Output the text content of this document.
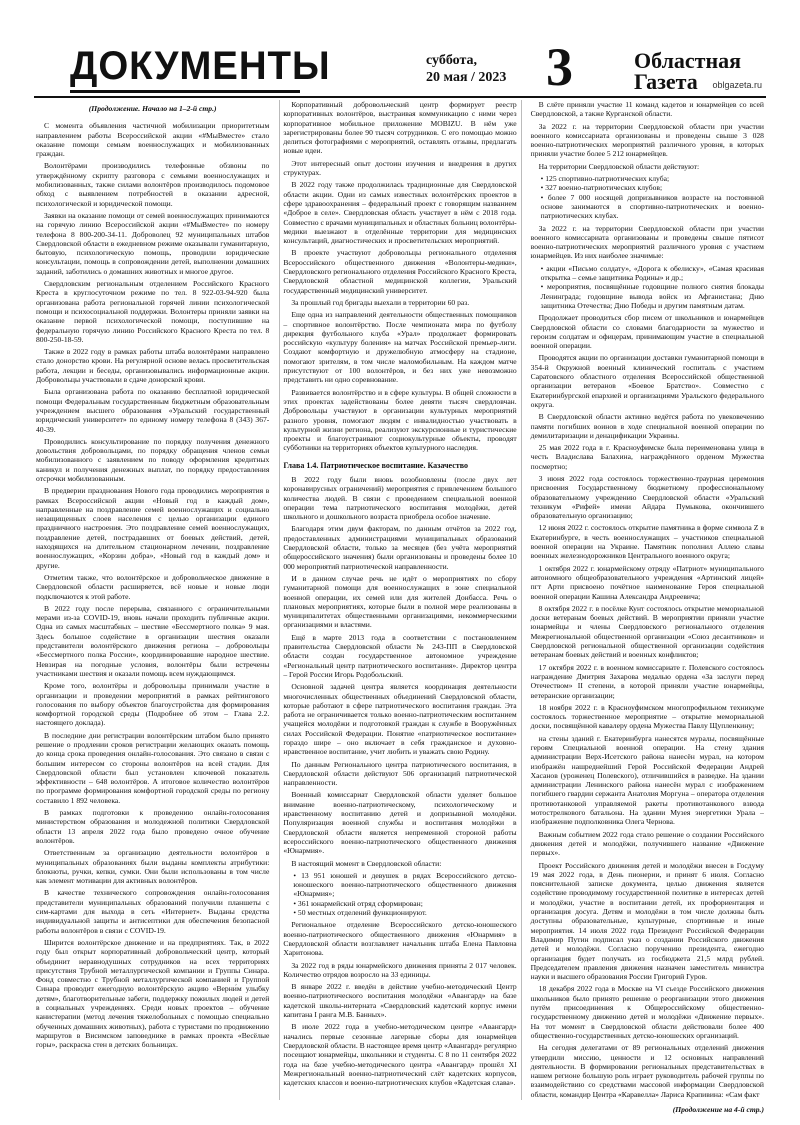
ДОКУМЕНТЫ	суббота,
20 мая / 2023 3	Областная
Газета	oblgazeta.ru

(Продолжение. Начало на 1–2-й стр.)

С момента объявления частичной мобилизации приоритетным направлением работы Всероссийской акции «#МыВместе» стало оказание помощи семьям военнослужащих и мобилизованных граждан.

Волонтёрами производились телефонные обзвоны по утверждённому скрипту разговора с семьями военнослужащих и мобилизованных, также силами волонтёров производилось подомовое обход с выявлением потребностей в оказании адресной, психологической и юридической помощи.

Заявки на оказание помощи от семей военнослужащих принимаются на горячую линию Всероссийской акции «#МыВместе» по номеру телефона 8 800-200-34-11. Доброволец 92 муниципальных штабов Свердловской области в ежедневном режиме оказывали гуманитарную, бытовую, психологическую помощь, проводили юридические консультации, помощь в сопровождении детей, выполнении домашних заданий, заботились о домашних животных и многое другое.

Свердловским региональным отделением Российского Красного Креста в круглосуточном режиме по тел. 8 922-03-94-920 была организована работа региональной горячей линии психологической помощи и психосоциальной поддержки. Волонтеры приняли заявки на оказание первой психологической помощи, поступившие на федеральную горячую линию Российского Красного Креста по тел. 8 800-250-18-59.

Также в 2022 году в рамках работы штаба волонтёрами направлено стало донорство крови. На регулярной основе велась просветительская работа, лекции и беседы, организовывались информационные акции. Добровольцы участвовали в сдаче донорской крови.

Была организована работа по оказанию бесплатной юридической помощи Федеральным государственным бюджетным образовательным учреждением высшего образования «Уральский государственный юридический университет» по единому номеру телефона 8 (343) 367-40-39.

Проводились консультирование по порядку получения денежного довольствия добровольцами, по порядку обращения членов семьи мобилизованного с заявлением по поводу оформления кредитных каникул и получения денежных выплат, по порядку предоставления отсрочки мобилизованным.

В предверии празднования Нового года проводились мероприятия в рамках Всероссийской акции «Новый год в каждый дом», направленные на поздравление семей военнослужащих и социально незащищенных слоев населения с целью организации единого праздничного настроения. Это поздравление семей военнослужащих, поздравление детей, пострадавших от боевых действий, детей, находящихся на длительном стационарном лечении, поздравление военнослужащих, «Корзин добра», «Новый год в каждый дом» и другие.

Отметим также, что волонтёрское и добровольческое движение в Свердловской области расширяется, всё новые и новые люди подключаются к этой работе.

В 2022 году после перерыва, связанного с ограничительными мерами из-за COVID-19, вновь начали проходить публичные акции. Одна из самых масштабных – шествие «Бессмертного полка» 9 мая. Здесь большое содействие в организации шествия оказали представители волонтёрского движения региона – добровольцы «Бессмертного полка России», координировавшие народное шествие. Невзирая на погодные условия, волонтёры были встречены участниками шествия и оказали помощь всем нуждающимся.

Кроме того, волонтёры и добровольцы принимали участие в организации и проведении мероприятий в рамках рейтингового голосования по выбору объектов благоустройства для формирования комфортной городской среды (Подробнее об этом – Глава 2.2. настоящего доклада).

В последние дни регистрации волонтёрским штабом было принято решение о продлении сроков регистрации желающих оказать помощь до конца срока проведения онлайн-голосования. Это связано в связи с большим интересом со стороны волонтёров на всей стадии. Для Свердловской области был установлен ключевой показатель эффективности – 648 волонтёров. А итоговое количество волонтёров по программе формирования комфортной городской среды по региону составило 1 892 человека.

В рамках подготовки к проведению онлайн-голосования министерством образования и молодежной политики Свердловской области 13 апреля 2022 года было проведено очное обучение волонтёров.

Ответственным за организацию деятельности волонтёров в муниципальных образованиях были выданы комплекты атрибутики: блокноты, ручки, кепки, сумки. Они были использованы в том числе как элемент мотивации для активных волонтёров.

В качестве технического сопровождения онлайн-голосования представители муниципальных образований получили планшеты с сим-картами для выхода в сеть «Интернет». Выданы средства индивидуальной защиты и антисептики для обеспечения безопасной работы волонтёров в связи с COVID-19.

Ширится волонтёрское движение и на предприятиях. Так, в 2022 году был открыт корпоративный добровольческий центр, который объединит неравнодушных сотрудников на всех территориях присутствия Трубной металлургической компании и Группы Синара. Фонд совместно с Трубной металлургической компанией и Группой Синара проводит ежегодную волонтёрскую акцию «Верни́м улыбку детям», благотворительные забеги, поддержку пожилых людей и детей в социальных учреждениях. Среди новых проектов – обучение канистерапии (метод лечения тяжелобольных с помощью специально обученных домашних животных), работа с туристами по продвижению маршрутов в Висимском заповеднике в рамках проекта «Весёлые горы», раскраска стен в детских больницах.

Корпоративный добровольческий центр формирует реестр корпоративных волонтёров, выстраивая коммуникацию с ними через корпоративное мобильное приложение MOBIZU. В нём уже зарегистрированы более 90 тысяч сотрудников. С его помощью можно делиться фотографиями с мероприятий, оставлять отзывы, предлагать новые идеи.

Этот интересный опыт достоин изучения и внедрения в других структурах.

В 2022 году также продолжилась традиционные для Свердловской области акции. Одни из самых известных волонтёрских проектов в сфере здравоохранения – федеральный проект с говорящим названием «Доброе в селе». Свердловская область участвует в нём с 2018 года. Совместно с врачами муниципальных и областных больниц волонтёры-медики выезжают в отделённые территории для медицинских консультаций, диагностических и просветительских мероприятий.

В проекте участвуют добровольцы регионального отделения Всероссийского общественного движения «Волонтеры-медики», Свердловского регионального отделения Российского Красного Креста, Свердловской областной медицинской коллегии, Уральский государственный медицинский университет.

За прошлый год бригады выехали в территории 60 раз.

Еще одна из направлений деятельности общественных помощников – спортивное волонтёрство. После чемпионата мира по футболу дирекция футбольного клуба «Урал» продолжает формировать российскую «культуру боления» на матчах Российской премьер-лиги. Создают комфортную и дружелюбную атмосферу на стадионе, помогают зрителям, в том числе маломобильным. На каждом матче присутствуют от 100 волонтёров, и без них уже невозможно представить ни одно соревнование.

Развивается волонтёрство и в сфере культуры. В общей сложности в этих проектах задействованы более девяти тысяч свердловчан. Добровольцы участвуют в организации культурных мероприятий разного уровня, помогают людям с инвалидностью участвовать в культурной жизни региона, реализуют экскурсионные и туристические проекты и благоустраивают социокультурные объекты, проводят субботники на территориях объектов культурного наследия.

Глава 1.4. Патриотическое воспитание. Казачество

В 2022 году были вновь возобновлены (после двух лет коронавирусных ограничений) мероприятия с привлечением большого количества людей. В связи с проведением специальной военной операции тема патриотического воспитания молодёжи, детей школьного и дошкольного возраста приобрела особое значение.

Благодаря этим двум факторам, по данным отчётов за 2022 год, предоставленных администрациями муниципальных образований Свердловской области, только за месяцев (без учёта мероприятий общероссийского значения) были организованы и проведены более 10 000 мероприятий патриотической направленности.

И в данном случае речь не идёт о мероприятиях по сбору гуманитарной помощи для военнослужащих в зоне специальной военной операции, их семей или для жителей Донбасса. Речь о плановых мероприятиях, которые были в полной мере реализованы в муниципалитетах общественными организациями, некоммерческими организациями и властями.

Ещё в марте 2013 года в соответствии с постановлением правительства Свердловской области № 243-ПП в Свердловской области создан государственное автономное учреждение «Региональный центр патриотического воспитания». Директор центра – Герой России Игорь Родобольский.

Основной задачей центра является координация деятельности многочисленных общественных объединений Свердловской области, которые работают в сфере патриотического воспитания граждан. Эта работа не ограничивается только военно-патриотическим воспитанием учащейся молодёжи и подготовкой граждан к службе в Вооружённых силах Российской Федерации. Понятие «патриотическое воспитание» гораздо шире – оно включает в себя гражданское и духовно-нравственное воспитание, учит любить и уважать свою Родину.

По данным Регионального центра патриотического воспитания, в Свердловской области действуют 506 организаций патриотической направленности.

Военный комиссариат Свердловской области уделяет большое внимание военно-патриотическому, психологическому и нравственному воспитанию детей и допризывной молодёжи. Популяризация военной службы и воспитания молодёжи в Свердловской области является непременной стороной работы всероссийского военно-патриотического общественного движения «Юнармия».

В настоящий момент в Свердловской области:

• 13 951 юношей и девушек в рядах Всероссийского детско-юношеского военно-патриотического общественного движения «Юнармия»;
• 361 юнармейский отряд сформирован;
• 50 местных отделений функционируют.

Региональное отделение Всероссийского детско-юношеского военно-патриотического общественного движения «Юнармия» в Свердловской области возглавляет начальник штаба Елена Павловна Харитонова.

За 2022 год в ряды юнармейского движения приняты 2 017 человек. Количество отрядов возросло на 33 единицы.

В январе 2022 г. введён в действие учебно-методический Центр военно-патриотического воспитания молодёжи «Авангард» на базе кадетской школы-интерната «Свердловский кадетский корпус имени капитана I ранга М.В. Банных».

В июле 2022 года в учебно-методическом центре «Авангард» начались первые сезонные лагерные сборы для юнармейцев Свердловской области. В настоящее время центр «Авангард» регулярно посещают юнармейцы, школьники и студенты. С 8 по 11 сентября 2022 года на базе учебно-методического центра «Авангард» прошёл XI Межрегиональный военно-патриотический слёт кадетских корпусов, кадетских классов и военно-патриотических клубов «Кадетская слава».

В слёте приняли участие 11 команд кадетов и юнармейцев со всей Свердловской, а также Курганской области.

За 2022 г. на территории Свердловской области при участии военного комиссариата организованы и проведены свыше 3 028 военно-патриотических мероприятий различного уровня, в которых приняли участие более 5 212 юнармейцев.

На территории Свердловской области действуют:

• 125 спортивно-патриотических клуба;
• 327 военно-патриотических клубов;
• более 7 000 носящей допризывников возрасте на постоянной основе занимаются в спортивно-патриотических и военно-патриотических клубах.

За 2022 г. на территории Свердловской области при участии военного комиссариата организованы и проведены свыше пятисот военно-патриотических мероприятий различного уровня с участием юнармейцев. Из них наиболее значимые:

• акции «Письмо солдату», «Дорога к обелиску», «Самая красивая открытка – семье защитника Родины» и др.;
• мероприятия, посвящённые годовщине полного снятия блокады Ленинграда; годовщине вывода войск из Афганистана; Дню защитника Отечества; Дню Победы и другим памятным датам.

Продолжает проводиться сбор писем от школьников и юнармейцев Свердловской области со словами благодарности за мужество и героизм солдатам и офицерам, принимающим участие в специальной военной операции.

Проводятся акции по организации доставки гуманитарной помощи в 354-й Окружной военный клинический госпиталь с участием Саратовского областного отделения Всероссийской общественной организации ветеранов «Боевое Братство». Совместно с Екатеринбургской епархией и организациями Уральского федерального округа.

В Свердловской области активно ведётся работа по увековечению памяти погибших воинов в ходе специальной военной операции по демилитаризации и денацификации Украины.

25 мая 2022 года в г. Красноуфимске была переименована улица в честь Владислава Балахина, награждённого орденом Мужества посмертно;

3 июня 2022 года состоялось торжественно-траурная церемония присвоения Государственному бюджетному профессиональному образовательному учреждению Свердловской области «Уральский техникум «Рифей» имени Айдара Пумыкова, окончившего образовательную организацию;

12 июня 2022 г. состоялось открытие памятника в форме символа Z в Екатеринбурге, в честь военнослужащих – участников специальной военной операции на Украине. Памятник пополнил Аллею славы военных железнодорожников Центрального военного округа;

1 октября 2022 г. юнармейскому отряду «Патриот» муниципального автономного общеобразовательного учреждения «Артинский лицей» пгт Арти присвоено почётное наименование Героя специальной военной операции Кашина Александра Андреевича;

8 октября 2022 г. в посёлке Кунт состоялось открытие мемориальной доски ветеранам боевых действий. В мероприятии приняли участие юнармейцы и члены Свердловского регионального отделения Межрегиональной общественной организации «Союз десантников» и Свердловской региональной общественной организации содействия ветеранам боевых действий и военных конфликтов;

17 октября 2022 г. в военном комиссариате г. Полевского состоялось награждение Дмитрия Захарова медалью ордена «За заслуги перед Отечеством» II степени, в которой приняли участие юнармейцы, ветеранские организации;

18 ноября 2022 г. в Красноуфимском многопрофильном техникуме состоялось торжественное мероприятие – открытие мемориальной доски, посвящённой кавалеру ордена Мужества Павлу Щупленкину;

на стены зданий г. Екатеринбурга нанесятся муралы, посвящённые героям Специальной военной операции. На стену здания администрации Верх-Исетского района нанесён мурал, на котором изображён нашреднейший Герой Российской Федерации Андрей Хасанов (уроженец Полевского), отличившийся в разведке. На здании администрации Ленинского района нанесён мурал с изображением погибшего гвардии сержанта Анатолия Моргуна – оператора отделения противотанковой управляемой ракеты противотанкового взвода мотострелкового батальона. На здании Музея энергетики Урала – изображение подполковника Олега Чернова.

Важным событием 2022 года стало решение о создании Российского движения детей и молодёжи, получившего название «Движение первых».

Проект Российского движения детей и молодёжи внесен в Госдуму 19 мая 2022 года, в День пионерии, и принят 6 июля. Согласно пояснительной записке документа, целью движения является содействие проводимому государственной политике в интересах детей и молодёжи, участие в воспитании детей, их профориентация и организация досуга. Детям и молодёжи в том числе должны быть доступны образовательные, культурные, спортивные и иные мероприятия. 14 июля 2022 года Президент Российской Федерации Владимир Путин подписал указ о создании Российского движения детей и молодёжи. Согласно поручению президента, ежегодно организация будет получать из госбюджета 21,5 млрд рублей. Председателем правления движения назначен заместитель министра науки и высшего образования России Григорий Гуров.

18 декабря 2022 года в Москве на VI съезде Российского движения школьников было принято решение о реорганизации этого движения путём присоединения к Общероссийскому общественно-государственному движению детей и молодёжи «Движение первых». На тот момент в Свердловской области действовали более 400 общественно-государственных детско-юношеских организаций.

На сегодня делегатами от 89 региональных отделений движения утвердили миссию, ценности и 12 основных направлений деятельности. В формировании региональных представительствах в нашем регионе большую роль играет руководитель рабочей группы по взаимодействию со средствами массовой информации Свердловской области, командир Центра «Каравелла» Лариса Крапивина: «Сам факт

(Продолжение на 4-й стр.)
